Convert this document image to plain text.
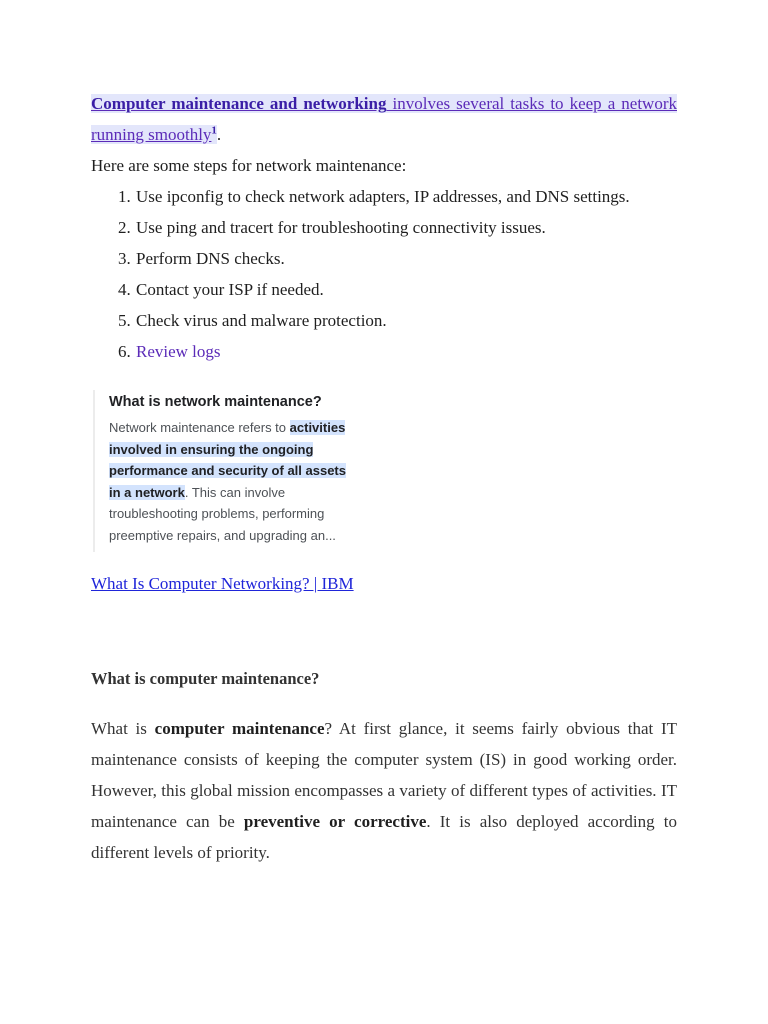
Computer maintenance and networking involves several tasks to keep a network running smoothly$^1$.

Here are some steps for network maintenance:

1. Use ipconfig to check network adapters, IP addresses, and DNS settings.
2. Use ping and tracert for troubleshooting connectivity issues.
3. Perform DNS checks.
4. Contact your ISP if needed.
5. Check virus and malware protection.
6. Review logs
What is network maintenance?
Network maintenance refers to activities involved in ensuring the ongoing performance and security of all assets in a network. This can involve troubleshooting problems, performing preemptive repairs, and upgrading an...
What Is Computer Networking? | IBM

What is computer maintenance?

What is computer maintenance? At first glance, it seems fairly obvious that IT maintenance consists of keeping the computer system (IS) in good working order. However, this global mission encompasses a variety of different types of activities. IT maintenance can be preventive or corrective. It is also deployed according to different levels of priority.
